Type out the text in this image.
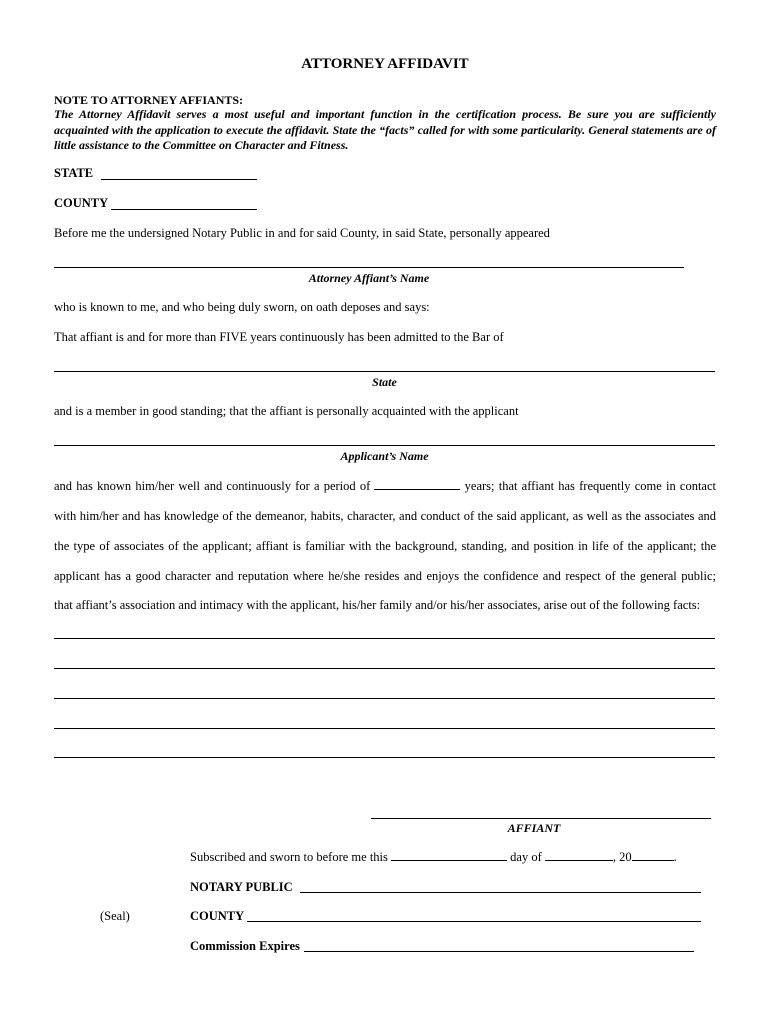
ATTORNEY AFFIDAVIT
NOTE TO ATTORNEY AFFIANTS:
The Attorney Affidavit serves a most useful and important function in the certification process. Be sure you are sufficiently acquainted with the application to execute the affidavit. State the “facts” called for with some particularity. General statements are of little assistance to the Committee on Character and Fitness.
STATE
COUNTY
Before me the undersigned Notary Public in and for said County, in said State, personally appeared
Attorney Affiant’s Name
who is known to me, and who being duly sworn, on oath deposes and says:
That affiant is and for more than FIVE years continuously has been admitted to the Bar of
State
and is a member in good standing; that the affiant is personally acquainted with the applicant
Applicant’s Name
and has known him/her well and continuously for a period of	years; that affiant has frequently come in contact
with him/her and has knowledge of the demeanor, habits, character, and conduct of the said applicant, as well as the associates and
the type of associates of the applicant; affiant is familiar with the background, standing, and position in life of the applicant; the
applicant has a good character and reputation where he/she resides and enjoys the confidence and respect of the general public;
that affiant’s association and intimacy with the applicant, his/her family and/or his/her associates, arise out of the following facts:
AFFIANT
Subscribed and sworn to before me this	day of	, 20	.
NOTARY PUBLIC
(Seal)	COUNTY
Commission Expires
